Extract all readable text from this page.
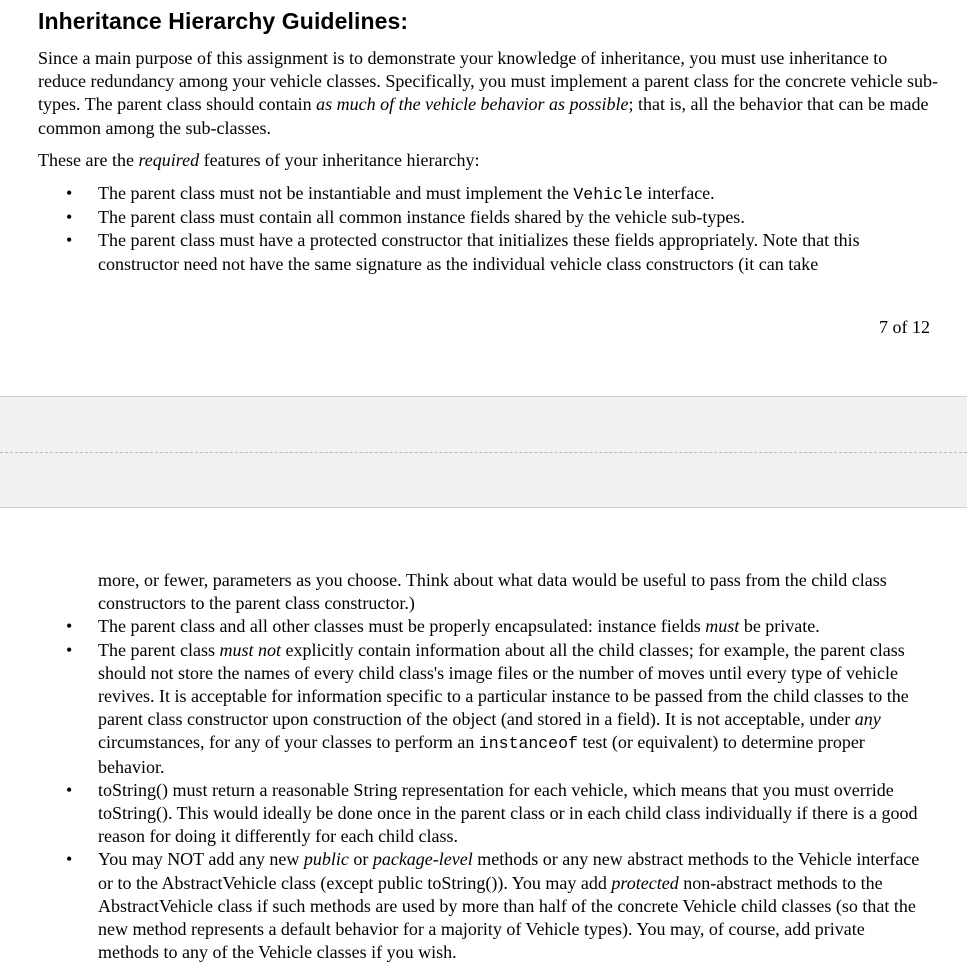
Inheritance Hierarchy Guidelines:

Since a main purpose of this assignment is to demonstrate your knowledge of inheritance, you must use inheritance to reduce redundancy among your vehicle classes. Specifically, you must implement a parent class for the concrete vehicle sub-types. The parent class should contain as much of the vehicle behavior as possible; that is, all the behavior that can be made common among the sub-classes.

These are the required features of your inheritance hierarchy:

• The parent class must not be instantiable and must implement the Vehicle interface.
• The parent class must contain all common instance fields shared by the vehicle sub-types.
• The parent class must have a protected constructor that initializes these fields appropriately. Note that this constructor need not have the same signature as the individual vehicle class constructors (it can take
7 of 12
more, or fewer, parameters as you choose. Think about what data would be useful to pass from the child class constructors to the parent class constructor.)
• The parent class and all other classes must be properly encapsulated: instance fields must be private.
• The parent class must not explicitly contain information about all the child classes; for example, the parent class should not store the names of every child class's image files or the number of moves until every type of vehicle revives. It is acceptable for information specific to a particular instance to be passed from the child classes to the parent class constructor upon construction of the object (and stored in a field). It is not acceptable, under any circumstances, for any of your classes to perform an instanceof test (or equivalent) to determine proper behavior.
• toString() must return a reasonable String representation for each vehicle, which means that you must override toString(). This would ideally be done once in the parent class or in each child class individually if there is a good reason for doing it differently for each child class.
• You may NOT add any new public or package-level methods or any new abstract methods to the Vehicle interface or to the AbstractVehicle class (except public toString()). You may add protected non-abstract methods to the AbstractVehicle class if such methods are used by more than half of the concrete Vehicle child classes (so that the new method represents a default behavior for a majority of Vehicle types). You may, of course, add private methods to any of the Vehicle classes if you wish.
